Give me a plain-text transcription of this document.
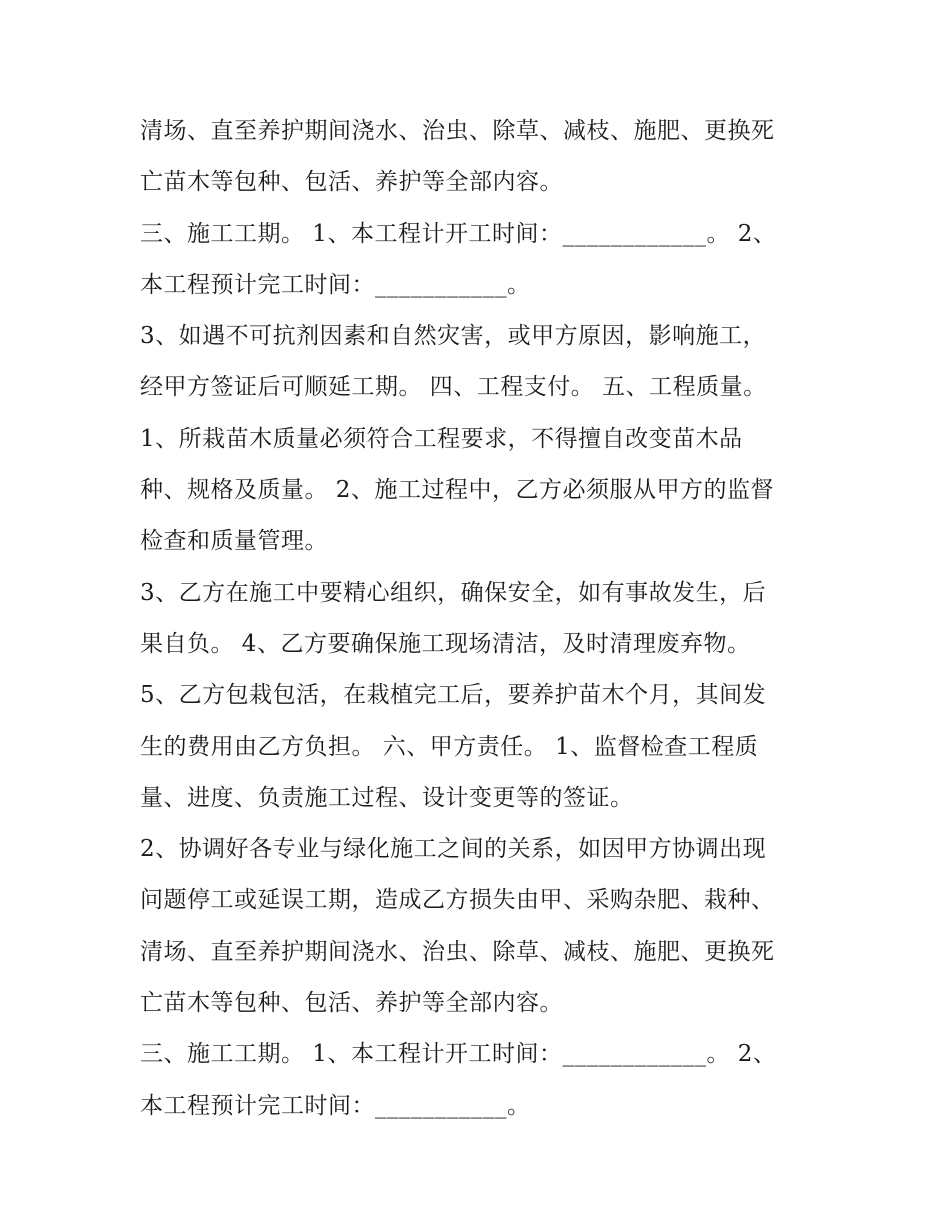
清场、直至养护期间浇水、治虫、除草、减枝、施肥、更换死
亡苗木等包种、包活、养护等全部内容。
三、施工工期。 1、本工程计开工时间：____________。 2、
本工程预计完工时间：___________。
3、如遇不可抗剂因素和自然灾害，或甲方原因，影响施工，
经甲方签证后可顺延工期。 四、工程支付。 五、工程质量。
1、所栽苗木质量必须符合工程要求，不得擅自改变苗木品
种、规格及质量。 2、施工过程中，乙方必须服从甲方的监督
检查和质量管理。
3、乙方在施工中要精心组织，确保安全，如有事故发生，后
果自负。 4、乙方要确保施工现场清洁，及时清理废弃物。
5、乙方包栽包活，在栽植完工后，要养护苗木个月，其间发
生的费用由乙方负担。 六、甲方责任。 1、监督检查工程质
量、进度、负责施工过程、设计变更等的签证。
2、协调好各专业与绿化施工之间的关系，如因甲方协调出现
问题停工或延误工期，造成乙方损失由甲、采购杂肥、栽种、
清场、直至养护期间浇水、治虫、除草、减枝、施肥、更换死
亡苗木等包种、包活、养护等全部内容。
三、施工工期。 1、本工程计开工时间：____________。 2、
本工程预计完工时间：___________。
